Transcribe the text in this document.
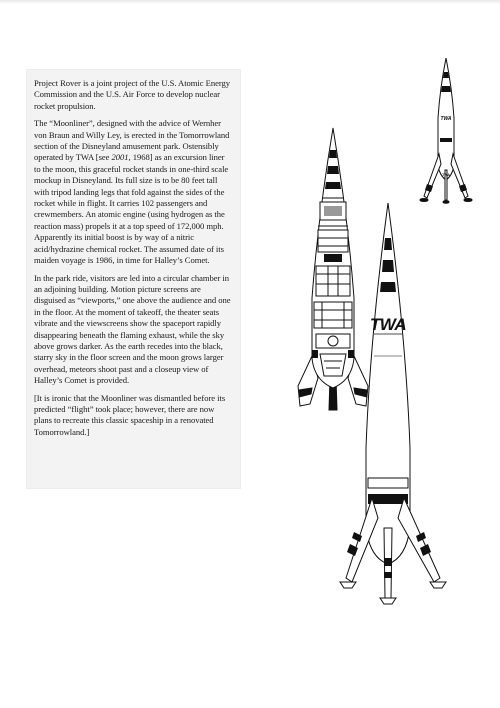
Project Rover is a joint project of the U.S. Atomic Energy Commission and the U.S. Air Force to develop nuclear rocket propulsion.

The “Moonliner”, designed with the advice of Wernher von Braun and Willy Ley, is erected in the Tomorrowland section of the Disneyland amusement park. Ostensibly operated by TWA [see 2001, 1968] as an excursion liner to the moon, this graceful rocket stands in one-third scale mockup in Disneyland. Its full size is to be 80 feet tall with tripod landing legs that fold against the sides of the rocket while in flight. It carries 102 passengers and crewmembers. An atomic engine (using hydrogen as the reaction mass) propels it at a top speed of 172,000 mph. Apparently its initial boost is by way of a nitric acid/hydrazine chemical rocket. The assumed date of its maiden voyage is 1986, in time for Halley’s Comet.

In the park ride, visitors are led into a circular chamber in an adjoining building. Motion picture screens are disguised as “viewports,” one above the audience and one in the floor. At the moment of takeoff, the theater seats vibrate and the viewscreens show the spaceport rapidly disappearing beneath the flaming exhaust, while the sky above grows darker. As the earth recedes into the black, starry sky in the floor screen and the moon grows larger overhead, meteors shoot past and a closeup view of Halley’s Comet is provided.

[It is ironic that the Moonliner was dismantled before its predicted “flight” took place; however, there are now plans to recreate this classic spaceship in a renovated Tomorrowland.]

TWA
TWA
TWA
